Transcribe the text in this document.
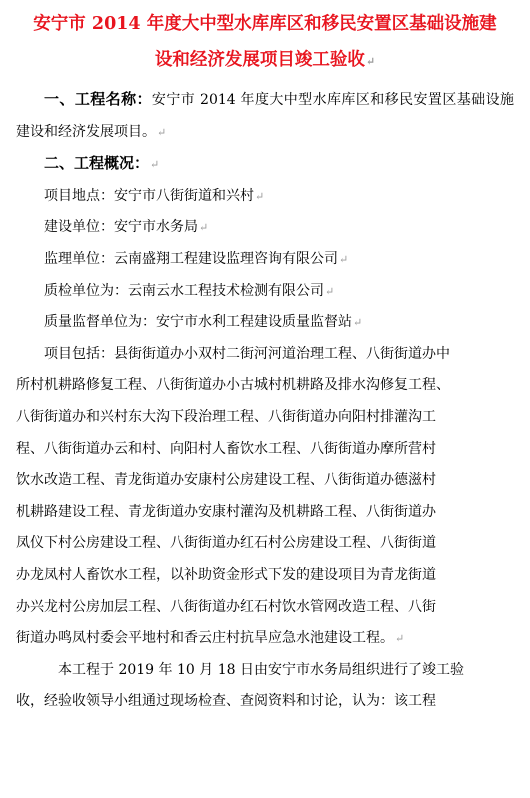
安宁市 2014 年度大中型水库库区和移民安置区基础设施建
设和经济发展项目竣工验收↵

一、工程名称：安宁市 2014 年度大中型水库库区和移民安置区基础设施建设和经济发展项目。↵

二、工程概况：↵

项目地点：安宁市八街街道和兴村↵

建设单位：安宁市水务局↵

监理单位：云南盛翔工程建设监理咨询有限公司↵

质检单位为：云南云水工程技术检测有限公司↵

质量监督单位为：安宁市水利工程建设质量监督站↵

项目包括：县街街道办小双村二街河河道治理工程、八街街道办中
所村机耕路修复工程、八街街道办小古城村机耕路及排水沟修复工程、
八街街道办和兴村东大沟下段治理工程、八街街道办向阳村排灌沟工
程、八街街道办云和村、向阳村人畜饮水工程、八街街道办摩所营村
饮水改造工程、青龙街道办安康村公房建设工程、八街街道办德滋村
机耕路建设工程、青龙街道办安康村灌沟及机耕路工程、八街街道办
凤仪下村公房建设工程、八街街道办红石村公房建设工程、八街街道
办龙凤村人畜饮水工程，以补助资金形式下发的建设项目为青龙街道
办兴龙村公房加层工程、八街街道办红石村饮水管网改造工程、八街
街道办鸣凤村委会平地村和香云庄村抗旱应急水池建设工程。↵
本工程于 2019 年 10 月 18 日由安宁市水务局组织进行了竣工验
收，经验收领导小组通过现场检查、查阅资料和讨论，认为：该工程
